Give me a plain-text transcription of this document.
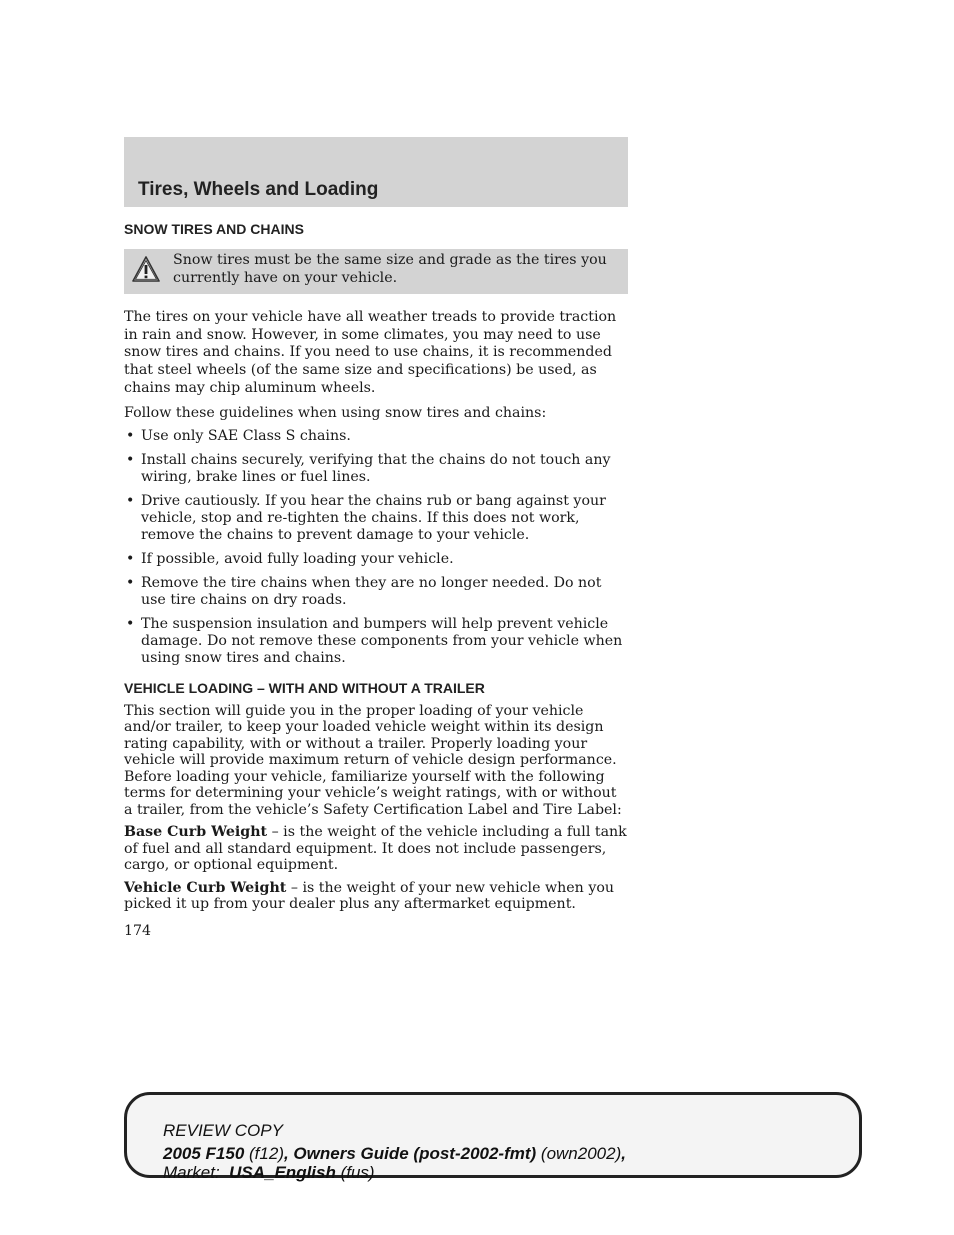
Tires, Wheels and Loading
SNOW TIRES AND CHAINS
Snow tires must be the same size and grade as the tires you currently have on your vehicle.

The tires on your vehicle have all weather treads to provide traction in rain and snow. However, in some climates, you may need to use snow tires and chains. If you need to use chains, it is recommended that steel wheels (of the same size and specifications) be used, as chains may chip aluminum wheels.

Follow these guidelines when using snow tires and chains:

• Use only SAE Class S chains.
• Install chains securely, verifying that the chains do not touch any wiring, brake lines or fuel lines.
• Drive cautiously. If you hear the chains rub or bang against your vehicle, stop and re-tighten the chains. If this does not work, remove the chains to prevent damage to your vehicle.
• If possible, avoid fully loading your vehicle.
• Remove the tire chains when they are no longer needed. Do not use tire chains on dry roads.
• The suspension insulation and bumpers will help prevent vehicle damage. Do not remove these components from your vehicle when using snow tires and chains.
VEHICLE LOADING – WITH AND WITHOUT A TRAILER

This section will guide you in the proper loading of your vehicle and/or trailer, to keep your loaded vehicle weight within its design rating capability, with or without a trailer. Properly loading your vehicle will provide maximum return of vehicle design performance. Before loading your vehicle, familiarize yourself with the following terms for determining your vehicle’s weight ratings, with or without a trailer, from the vehicle’s Safety Certification Label and Tire Label:

Base Curb Weight – is the weight of the vehicle including a full tank of fuel and all standard equipment. It does not include passengers, cargo, or optional equipment.

Vehicle Curb Weight – is the weight of your new vehicle when you picked it up from your dealer plus any aftermarket equipment.

174

REVIEW COPY
2005 F150 (f12), Owners Guide (post-2002-fmt) (own2002),
Market:  USA_English (fus)
